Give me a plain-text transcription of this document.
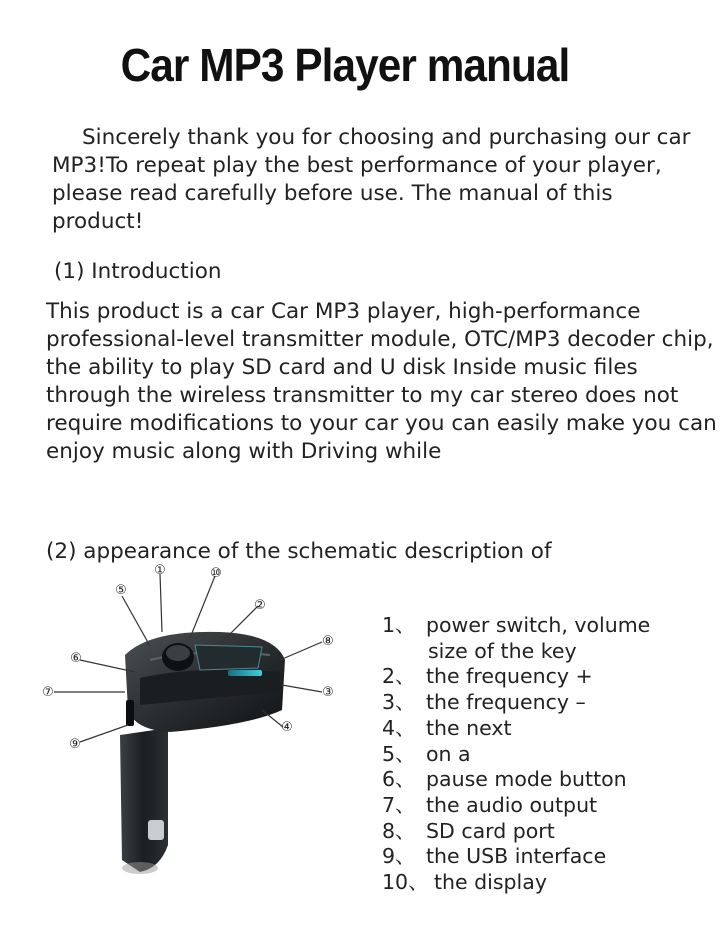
Car MP3 Player manual

Sincerely thank you for choosing and purchasing our car MP3!To repeat play the best performance of your player, please read carefully before use. The manual of this product!

(1) Introduction

This product is a car Car MP3 player, high-performance professional-level transmitter module, OTC/MP3 decoder chip, the ability to play SD card and U disk Inside music files through the wireless transmitter to my car stereo does not require modifications to your car you can easily make you can enjoy music along with Driving while

(2) appearance of the schematic description of

①
⑤
⑩
②
⑧
⑥
③
⑦
④
⑨
1、 power switch, volume
size of the key
2、 the frequency +
3、 the frequency –
4、 the next
5、 on a
6、 pause mode button
7、 the audio output
8、 SD card port
9、 the USB interface
10、 the display
